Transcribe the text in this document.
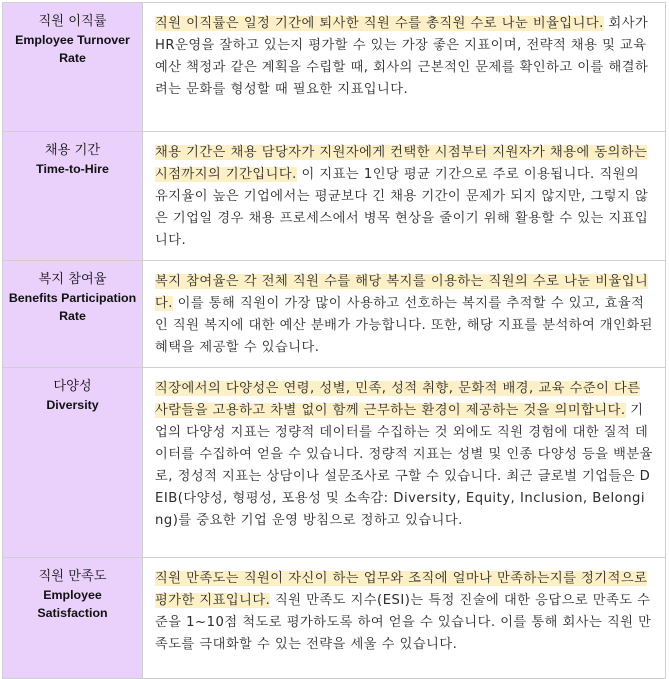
직원 이직률
Employee Turnover Rate	직원 이직률은 일정 기간에 퇴사한 직원 수를 총직원 수로 나눈 비율입니다. 회사가 HR운영을 잘하고 있는지 평가할 수 있는 가장 좋은 지표이며, 전략적 채용 및 교육 예산 책정과 같은 계획을 수립할 때, 회사의 근본적인 문제를 확인하고 이를 해결하려는 문화를 형성할 때 필요한 지표입니다.

채용 기간
Time-to-Hire	채용 기간은 채용 담당자가 지원자에게 컨택한 시점부터 지원자가 채용에 동의하는 시점까지의 기간입니다. 이 지표는 1인당 평균 기간으로 주로 이용됩니다. 직원의 유지율이 높은 기업에서는 평균보다 긴 채용 기간이 문제가 되지 않지만, 그렇지 않은 기업일 경우 채용 프로세스에서 병목 현상을 줄이기 위해 활용할 수 있는 지표입니다.

복지 참여율
Benefits Participation Rate	복지 참여율은 각 전체 직원 수를 해당 복지를 이용하는 직원의 수로 나눈 비율입니다. 이를 통해 직원이 가장 많이 사용하고 선호하는 복지를 추적할 수 있고, 효율적인 직원 복지에 대한 예산 분배가 가능합니다. 또한, 해당 지표를 분석하여 개인화된 혜택을 제공할 수 있습니다.

다양성
Diversity	직장에서의 다양성은 연령, 성별, 민족, 성적 취향, 문화적 배경, 교육 수준이 다른 사람들을 고용하고 차별 없이 함께 근무하는 환경이 제공하는 것을 의미합니다. 기업의 다양성 지표는 정량적 데이터를 수집하는 것 외에도 직원 경험에 대한 질적 데이터를 수집하여 얻을 수 있습니다. 정량적 지표는 성별 및 인종 다양성 등을 백분율로, 정성적 지표는 상담이나 설문조사로 구할 수 있습니다. 최근 글로벌 기업들은 DEIB(다양성, 형평성, 포용성 및 소속감: Diversity, Equity, Inclusion, Belonging)를 중요한 기업 운영 방침으로 정하고 있습니다.

직원 만족도
Employee Satisfaction	직원 만족도는 직원이 자신이 하는 업무와 조직에 얼마나 만족하는지를 정기적으로 평가한 지표입니다. 직원 만족도 지수(ESI)는 특정 진술에 대한 응답으로 만족도 수준을 1~10점 척도로 평가하도록 하여 얻을 수 있습니다. 이를 통해 회사는 직원 만족도를 극대화할 수 있는 전략을 세울 수 있습니다.
